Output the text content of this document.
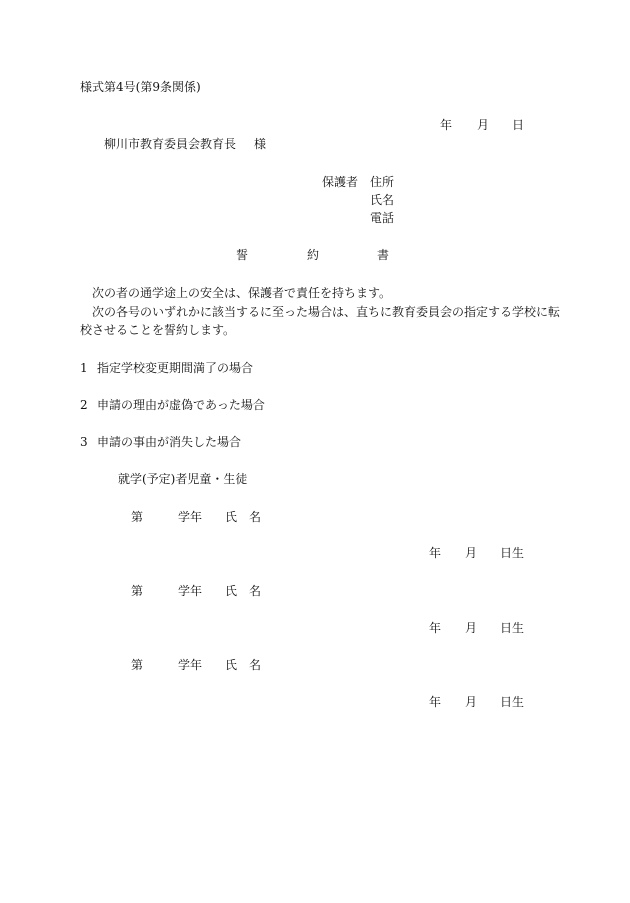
様式第4号(第9条関係)
年 月 日
柳川市教育委員会教育長 様
保護者 住所
氏名
電話
誓	約	書
次の者の通学途上の安全は、保護者で責任を持ちます。
次の各号のいずれかに該当するに至った場合は、直ちに教育委員会の指定する学校に転
校させることを誓約します。
1 指定学校変更期間満了の場合
2 申請の理由が虚偽であった場合
3 申請の事由が消失した場合
就学(予定)者児童・生徒
第	学年 氏 名
年 月 日生
第	学年 氏 名
年 月 日生
第	学年 氏 名
年 月 日生
